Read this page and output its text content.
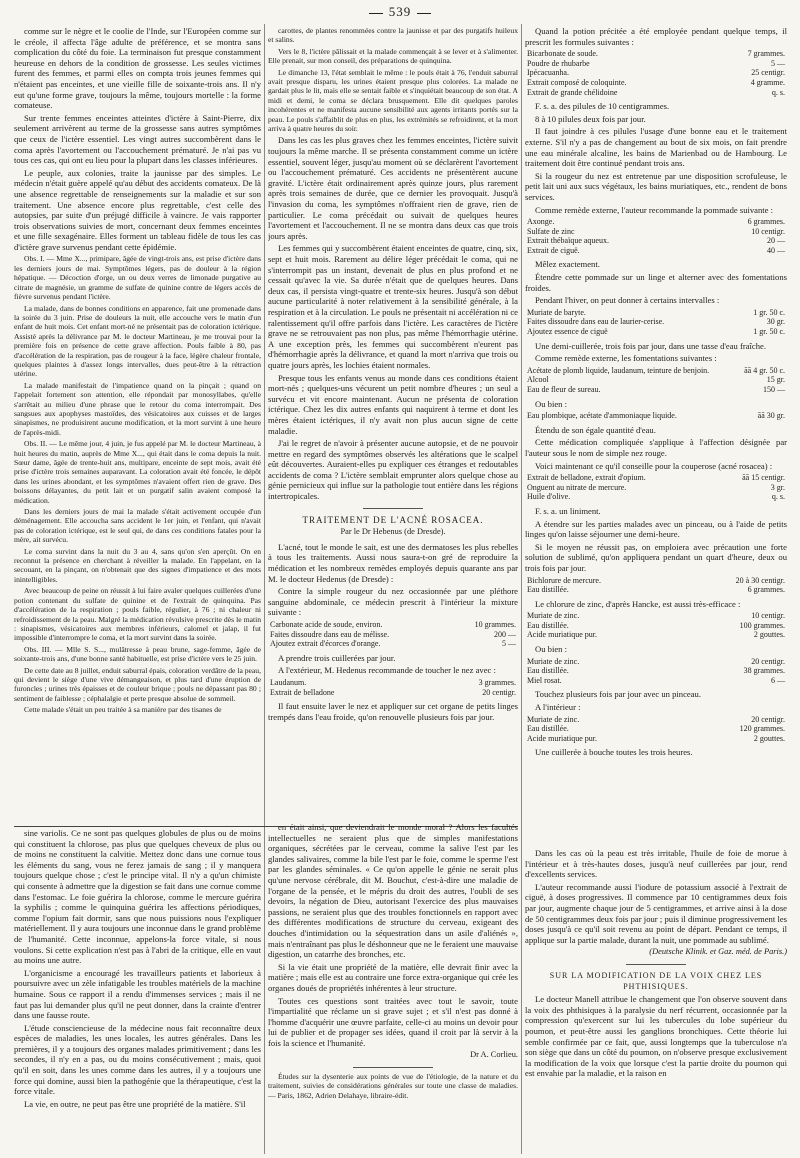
539

comme sur le nègre et le coolie de l'Inde, sur l'Européen comme sur le créole, il affecta l'âge adulte de préférence, et se montra sans complication du côté du foie. La terminaison fut presque constamment heureuse en dehors de la condition de grossesse. Les seules victimes furent des femmes, et parmi elles on compta trois jeunes femmes qui n'étaient pas enceintes, et une vieille fille de soixante-trois ans. Il n'y eut qu'une forme grave, toujours la même, toujours mortelle : la forme comateuse.

Sur trente femmes enceintes atteintes d'ictère à Saint-Pierre, dix seulement arrivèrent au terme de la grossesse sans autres symptômes que ceux de l'ictère essentiel. Les vingt autres succombèrent dans le coma après l'avortement ou l'accouchement prématuré. Je n'ai pas vu tous ces cas, qui ont eu lieu pour la plupart dans les classes inférieures.

Le peuple, aux colonies, traite la jaunisse par des simples. Le médecin n'était guère appelé qu'au début des accidents comateux. De là une absence regrettable de renseignements sur la maladie et sur son traitement. Une absence encore plus regrettable, c'est celle des autopsies, par suite d'un préjugé difficile à vaincre. Je vais rapporter trois observations suivies de mort, concernant deux femmes enceintes et une fille sexagénaire. Elles forment un tableau fidèle de tous les cas d'ictère grave survenus pendant cette épidémie.

Obs. I. — Mme X..., primipare, âgée de vingt-trois ans, est prise d'ictère dans les derniers jours de mai. Symptômes légers, pas de douleur à la région hépatique. — Décoction d'orge, un ou deux verres de limonade purgative au citrate de magnésie, un gramme de sulfate de quinine contre de légers accès de fièvre survenus pendant l'ictère.

La malade, dans de bonnes conditions en apparence, fait une promenade dans la soirée du 3 juin. Prise de douleurs la nuit, elle accouche vers le matin d'un enfant de huit mois. Cet enfant mort-né ne présentait pas de coloration ictérique. Assisté après la délivrance par M. le docteur Martineau, je me trouvai pour la première fois en présence de cette grave affection. Pouls faible à 80, pas d'accélération de la respiration, pas de rougeur à la face, légère chaleur frontale, quelques plaintes à d'assez longs intervalles, dues peut-être à la rétraction utérine.

La malade manifestait de l'impatience quand on la pinçait ; quand on l'appelait fortement son attention, elle répondait par monosyllabes, qu'elle s'arrêtait au milieu d'une phrase que le retour du coma interrompait. Des sangsues aux apophyses mastoïdes, des vésicatoires aux cuisses et de larges sinapismes, ne produisirent aucune modification, et la mort survint à une heure de l'après-midi.

Obs. II. — Le même jour, 4 juin, je fus appelé par M. le docteur Martineau, à huit heures du matin, auprès de Mme X..., qui était dans le coma depuis la nuit. Sœur dame, âgée de trente-huit ans, multipare, enceinte de sept mois, avait été prise d'ictère trois semaines auparavant. La coloration avait été foncée, le dépôt dans les urines abondant, et les symptômes n'avaient offert rien de grave. Des boissons délayantes, du petit lait et un purgatif salin avaient composé la médication.

Dans les derniers jours de mai la malade s'était activement occupée d'un déménagement. Elle accoucha sans accident le 1er juin, et l'enfant, qui n'avait pas de coloration ictérique, est le seul qui, de dans ces conditions fatales pour la mère, ait survécu.

Le coma survint dans la nuit du 3 au 4, sans qu'on s'en aperçût. On en reconnut la présence en cherchant à réveiller la malade. En l'appelant, en la secouant, en la pinçant, on n'obtenait que des signes d'impatience et des mots inintelligibles.

Avec beaucoup de peine on réussit à lui faire avaler quelques cuillerées d'une potion contenant du sulfate de quinine et de l'extrait de quinquina. Pas d'accélération de la respiration ; pouls faible, régulier, à 76 ; ni chaleur ni refroidissement de la peau. Malgré la médication révulsive prescrite dès le matin : sinapismes, vésicatoires aux membres inférieurs, calomel et jalap, il fut impossible d'interrompre le coma, et la mort survint dans la soirée.

Obs. III. — Mlle S. S..., mulâtresse à peau brune, sage-femme, âgée de soixante-trois ans, d'une bonne santé habituelle, est prise d'ictère vers le 25 juin.

De cette date au 8 juillet, enduit saburral épais, coloration verdâtre de la peau, qui devient le siège d'une vive démangeaison, et plus tard d'une éruption de furoncles ; urines très épaisses et de couleur brique ; pouls ne dépassant pas 80 ; sentiment de faiblesse ; céphalalgie et perte presque absolue de sommeil.

Cette malade s'était un peu traitée à sa manière par des tisanes de

carottes, de plantes renommées contre la jaunisse et par des purgatifs huileux et salins.

Vers le 8, l'ictère pâlissait et la malade commençait à se lever et à s'alimenter. Elle prenait, sur mon conseil, des préparations de quinquina.

Le dimanche 13, l'état semblait le même : le pouls était à 76, l'enduit saburral avait presque disparu, les urines étaient presque plus colorées. La malade ne gardait plus le lit, mais elle se sentait faible et s'inquiétait beaucoup de son état. A midi et demi, le coma se déclara brusquement. Elle dit quelques paroles incohérentes et ne manifesta aucune sensibilité aux agents irritants portés sur la peau. Le pouls s'affaiblit de plus en plus, les extrémités se refroidirent, et la mort arriva à quatre heures du soir.

Dans les cas les plus graves chez les femmes enceintes, l'ictère suivit toujours la même marche. Il se présenta constamment comme un ictère essentiel, souvent léger, jusqu'au moment où se déclarèrent l'avortement ou l'accouchement prématuré. Ces accidents ne présentèrent aucune gravité. L'ictère était ordinairement après quinze jours, plus rarement après trois semaines de durée, que ce dernier les provoquait. Jusqu'à l'invasion du coma, les symptômes n'offraient rien de grave, rien de particulier. Le coma précédait ou suivait de quelques heures l'avortement et l'accouchement. Il ne se montra dans deux cas que trois jours après.

Les femmes qui y succombèrent étaient enceintes de quatre, cinq, six, sept et huit mois. Rarement au délire léger précédait le coma, qui ne s'interrompit pas un instant, devenait de plus en plus profond et ne cessait qu'avec la vie. Sa durée n'était que de quelques heures. Dans deux cas, il persista vingt-quatre et trente-six heures. Jusqu'à son début aucune particularité à noter relativement à la sensibilité générale, à la respiration et à la circulation. Le pouls ne présentait ni accélération ni ce ralentissement qu'il offre parfois dans l'ictère. Les caractères de l'ictère grave ne se retrouvaient pas non plus, pas même l'hémorrhagie utérine. A une exception près, les femmes qui succombèrent n'eurent pas d'hémorrhagie après la délivrance, et quand la mort n'arriva que trois ou quatre jours après, les lochies étaient normales.

Presque tous les enfants venus au monde dans ces conditions étaient mort-nés ; quelques-uns vécurent un petit nombre d'heures ; un seul a survécu et vit encore maintenant. Aucun ne présenta de coloration ictérique. Chez les dix autres enfants qui naquirent à terme et dont les mères étaient ictériques, il n'y avait non plus aucun signe de cette maladie.

J'ai le regret de n'avoir à présenter aucune autopsie, et de ne pouvoir mettre en regard des symptômes observés les altérations que le scalpel eût découvertes. Auraient-elles pu expliquer ces étranges et redoutables accidents de coma ? L'ictère semblait emprunter alors quelque chose au génie pernicieux qui influe sur la pathologie tout entière dans les régions intertropicales.

TRAITEMENT DE L'ACNÉ ROSACEA.
Par le Dr Hebenus (de Dresde).

L'acné, tout le monde le sait, est une des dermatoses les plus rebelles à tous les traitements. Aussi nous saura-t-on gré de reproduire la médication et les nombreux remèdes employés depuis quarante ans par M. le docteur Hedenus (de Dresde) :

Contre la simple rougeur du nez occasionnée par une pléthore sanguine abdominale, ce médecin prescrit à l'intérieur la mixture suivante :

Carbonate acide de soude, environ.	10 grammes.
Faites dissoudre dans eau de mélisse.	200 —
Ajoutez extrait d'écorces d'orange.	5 —

A prendre trois cuillerées par jour.

A l'extérieur, M. Hedenus recommande de toucher le nez avec :

Laudanum.	3 grammes.
Extrait de belladone	20 centigr.

Il faut ensuite laver le nez et appliquer sur cet organe de petits linges trempés dans l'eau froide, qu'on renouvelle plusieurs fois par jour.

Quand la potion précitée a été employée pendant quelque temps, il prescrit les formules suivantes :

Bicarbonate de soude.	7 grammes.
Poudre de rhubarbe	5 —
Ipécacuanha.	25 centigr.
Extrait composé de coloquinte.	4 gramme.
Extrait de grande chélidoine	q. s.

F. s. a. des pilules de 10 centigrammes.

8 à 10 pilules deux fois par jour.

Il faut joindre à ces pilules l'usage d'une bonne eau et le traitement externe. S'il n'y a pas de changement au bout de six mois, on fait prendre une eau minérale alcaline, les bains de Marienbad ou de Hambourg. Le traitement doit être continué pendant trois ans.

Si la rougeur du nez est entretenue par une disposition scrofuleuse, le petit lait uni aux sucs végétaux, les bains muriatiques, etc., rendent de bons services.

Comme remède externe, l'auteur recommande la pommade suivante :

Axonge.	6 grammes.
Sulfate de zinc	10 centigr.
Extrait thébaïque aqueux.	20 —
Extrait de ciguë.	40 —

Mêlez exactement.

Étendre cette pommade sur un linge et alterner avec des fomentations froides.

Pendant l'hiver, on peut donner à certains intervalles :

Muriate de baryte.	1 gr. 50 c.
Faites dissoudre dans eau de laurier-cerise.	30 gr.
Ajoutez essence de ciguë	1 gr. 50 c.

Une demi-cuillerée, trois fois par jour, dans une tasse d'eau fraîche.

Comme remède externe, les fomentations suivantes :

Acétate de plomb liquide, laudanum, teinture de benjoin.	āā 4 gr. 50 c.
Alcool	15 gr.
Eau de fleur de sureau.	150 —

Ou bien :

Eau plombique, acétate d'ammoniaque liquide.	āā 30 gr.

Étendu de son égale quantité d'eau.

Cette médication compliquée s'applique à l'affection désignée par l'auteur sous le nom de simple nez rouge.

Voici maintenant ce qu'il conseille pour la couperose (acné rosacea) :

Extrait de belladone, extrait d'opium.	āā 15 centigr.
Onguent au nitrate de mercure.	3 gr.
Huile d'olive.	q. s.

F. s. a. un liniment.

A étendre sur les parties malades avec un pinceau, ou à l'aide de petits linges qu'on laisse séjourner une demi-heure.

Si le moyen ne réussit pas, on emploiera avec précaution une forte solution de sublimé, qu'on appliquera pendant un quart d'heure, deux ou trois fois par jour.

Bichlorure de mercure.	20 à 30 centigr.
Eau distillée.	6 grammes.

Le chlorure de zinc, d'après Hancke, est aussi très-efficace :

Muriate de zinc.	10 centigr.
Eau distillée.	100 grammes.
Acide muriatique pur.	2 gouttes.

Ou bien :

Muriate de zinc.	20 centigr.
Eau distillée.	38 grammes.
Miel rosat.	6 —

Touchez plusieurs fois par jour avec un pinceau.

A l'intérieur :

Muriate de zinc.	20 centigr.
Eau distillée.	120 grammes.
Acide muriatique pur.	2 gouttes.

Une cuillerée à bouche toutes les trois heures.

sine variolis. Ce ne sont pas quelques globules de plus ou de moins qui constituent la chlorose, pas plus que quelques cheveux de plus ou de moins ne constituent la calvitie. Mettez donc dans une cornue tous les éléments du sang, vous ne ferez jamais de sang ; il y manquera toujours quelque chose ; c'est le principe vital. Il n'y a qu'un chimiste qui consente à admettre que la digestion se fait dans une cornue comme dans l'estomac. Le foie guérira la chlorose, comme le mercure guérira la syphilis ; comme le quinquina guérira les affections périodiques, comme l'opium fait dormir, sans que nous puissions nous l'expliquer matériellement. Il y aura toujours une inconnue dans le grand problème de l'humanité. Cette inconnue, appelons-la force vitale, si nous voulons. Si cette explication n'est pas à l'abri de la critique, elle en vaut au moins une autre.

L'organicisme a encouragé les travailleurs patients et laborieux à poursuivre avec un zèle infatigable les troubles matériels de la machine humaine. Sous ce rapport il a rendu d'immenses services ; mais il ne faut pas lui demander plus qu'il ne peut donner, dans la crainte d'entrer dans une fausse route.

L'étude consciencieuse de la médecine nous fait reconnaître deux espèces de maladies, les unes locales, les autres générales. Dans les premières, il y a toujours des organes malades primitivement ; dans les secondes, il n'y en a pas, ou du moins consécutivement ; mais, quoi qu'il en soit, dans les unes comme dans les autres, il y a toujours une force qui domine, aussi bien la pathogénie que la thérapeutique, c'est la force vitale.

La vie, en outre, ne peut pas être une propriété de la matière. S'il

en était ainsi, que deviendrait le monde moral ? Alors les facultés intellectuelles ne seraient plus que de simples manifestations organiques, sécrétées par le cerveau, comme la salive l'est par les glandes salivaires, comme la bile l'est par le foie, comme le sperme l'est par les glandes séminales. « Ce qu'on appelle le génie ne serait plus qu'une nervose cérébrale, dit M. Bouchut, c'est-à-dire une maladie de l'organe de la pensée, et le mépris du droit des autres, l'oubli de ses devoirs, la négation de Dieu, autorisant l'exercice des plus mauvaises passions, ne seraient plus que des troubles fonctionnels en rapport avec des différentes modifications de structure du cerveau, exigeant des douches d'intimidation ou la séquestration dans un asile d'aliénés », mais n'entraînant pas plus le déshonneur que ne le feraient une mauvaise digestion, un catarrhe des bronches, etc.

Si la vie était une propriété de la matière, elle devrait finir avec la matière ; mais elle est au contraire une force extra-organique qui crée les organes doués de propriétés inhérentes à leur structure.

Toutes ces questions sont traitées avec tout le savoir, toute l'impartialité que réclame un si grave sujet ; et s'il n'est pas donné à l'homme d'acquérir une œuvre parfaite, celle-ci au moins un devoir pour lui de publier et de propager ses idées, quand il croit par là servir à la fois la science et l'humanité.

Dr A. Corlieu.

Études sur la dysenterie aux points de vue de l'étiologie, de la nature et du traitement, suivies de considérations générales sur toute une classe de maladies. — Paris, 1862, Adrien Delahaye, libraire-édit.

Dans les cas où la peau est très irritable, l'huile de foie de morue à l'intérieur et à très-hautes doses, jusqu'à neuf cuillerées par jour, rend d'excellents services.

L'auteur recommande aussi l'iodure de potassium associé à l'extrait de ciguë, à doses progressives. Il commence par 10 centigrammes deux fois par jour, augmente chaque jour de 5 centigrammes, et arrive ainsi à la dose de 50 centigrammes deux fois par jour ; puis il diminue progressivement les doses jusqu'à ce qu'il soit revenu au point de départ. Pendant ce temps, il applique sur la partie malade, durant la nuit, une pommade au sublimé.

(Deutsche Klinik. et Gaz. méd. de Paris.)
SUR LA MODIFICATION DE LA VOIX CHEZ LES PHTHISIQUES.

Le docteur Manell attribue le changement que l'on observe souvent dans la voix des phthisiques à la paralysie du nerf récurrent, occasionnée par la compression qu'exercent sur lui les tubercules du lobe supérieur du poumon, et peut-être aussi les ganglions bronchiques. Cette théorie lui semble confirmée par ce fait, que, aussi longtemps que la tuberculose n'a son siège que dans un côté du poumon, on n'observe presque exclusivement la modification de la voix que lorsque c'est la partie droite du poumon qui est envahie par la maladie, et la raison en
